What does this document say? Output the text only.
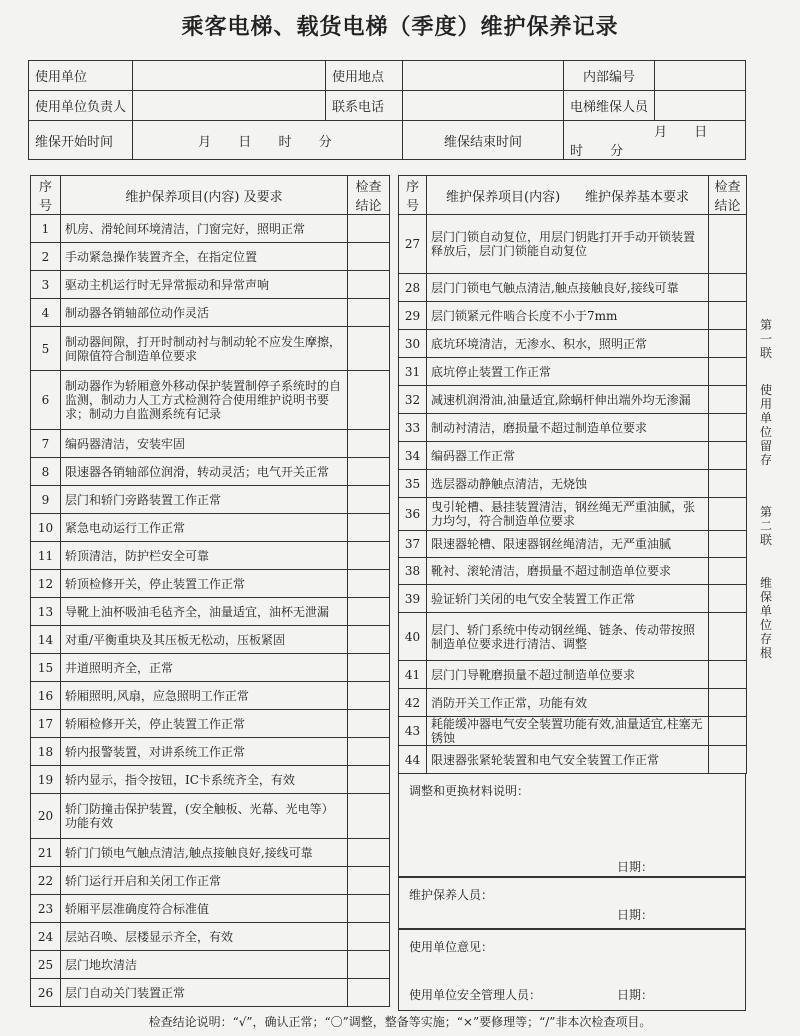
乘客电梯、载货电梯（季度）维护保养记录
使用单位		使用地点		内部编号	
使用单位负责人		联系电话		电梯维保人员	
维保开始时间	月 日 时 分		维保结束时间	月 日 时 分	
序号	维护保养项目(内容) 及要求	检查结论
1	机房、滑轮间环境清洁，门窗完好，照明正常	
2	手动紧急操作装置齐全，在指定位置	
3	驱动主机运行时无异常振动和异常声响	
4	制动器各销轴部位动作灵活	
5	制动器间隙，打开时制动衬与制动轮不应发生摩擦，间隙值符合制造单位要求	
6	制动器作为轿厢意外移动保护装置制停子系统时的自监测，制动力人工方式检测符合使用维护说明书要求；制动力自监测系统有记录	
7	编码器清洁，安装牢固	
8	限速器各销轴部位润滑，转动灵活；电气开关正常	
9	层门和轿门旁路装置工作正常	
10	紧急电动运行工作正常	
11	轿顶清洁，防护栏安全可靠	
12	轿顶检修开关，停止装置工作正常	
13	导靴上油杯吸油毛毡齐全，油量适宜，油杯无泄漏	
14	对重/平衡重块及其压板无松动，压板紧固	
15	井道照明齐全，正常	
16	轿厢照明,风扇，应急照明工作正常	
17	轿厢检修开关，停止装置工作正常	
18	轿内报警装置，对讲系统工作正常	
19	轿内显示，指令按钮，IC卡系统齐全，有效	
20	轿门防撞击保护装置，(安全触板、光幕、光电等）功能有效	
21	轿门门锁电气触点清洁,触点接触良好,接线可靠	
22	轿门运行开启和关闭工作正常	
23	轿厢平层准确度符合标准值	
24	层站召唤、层楼显示齐全，有效	
25	层门地坎清洁	
26	层门自动关门装置正常	
序号	维护保养项目(内容) 维护保养基本要求	检查结论
27	层门门锁自动复位，用层门钥匙打开手动开锁装置释放后，层门门锁能自动复位	
28	层门门锁电气触点清洁,触点接触良好,接线可靠	
29	层门锁紧元件啮合长度不小于7mm	
30	底坑环境清洁，无渗水、积水，照明正常	
31	底坑停止装置工作正常	
32	减速机润滑油,油量适宜,除蜗杆伸出端外均无渗漏	
33	制动衬清洁，磨损量不超过制造单位要求	
34	编码器工作正常	
35	选层器动静触点清洁，无烧蚀	
36	曳引轮槽、悬挂装置清洁，钢丝绳无严重油腻，张力均匀，符合制造单位要求	
37	限速器轮槽、限速器钢丝绳清洁，无严重油腻	
38	靴衬、滚轮清洁，磨损量不超过制造单位要求	
39	验证轿门关闭的电气安全装置工作正常	
40	层门、轿门系统中传动钢丝绳、链条、传动带按照制造单位要求进行清洁、调整	
41	层门门导靴磨损量不超过制造单位要求	
42	消防开关工作正常，功能有效	
43	耗能缓冲器电气安全装置功能有效,油量适宜,柱塞无锈蚀	
44	限速器张紧轮装置和电气安全装置工作正常	
调整和更换材料说明：
日期：
维护保养人员：
日期：
使用单位意见：
使用单位安全管理人员：	日期：
第一联
使用单位留存
第二联
维保单位存根
检查结论说明：“√”，确认正常；“〇”调整，整备等实施；“×”要修理等；“/”非本次检查项目。
